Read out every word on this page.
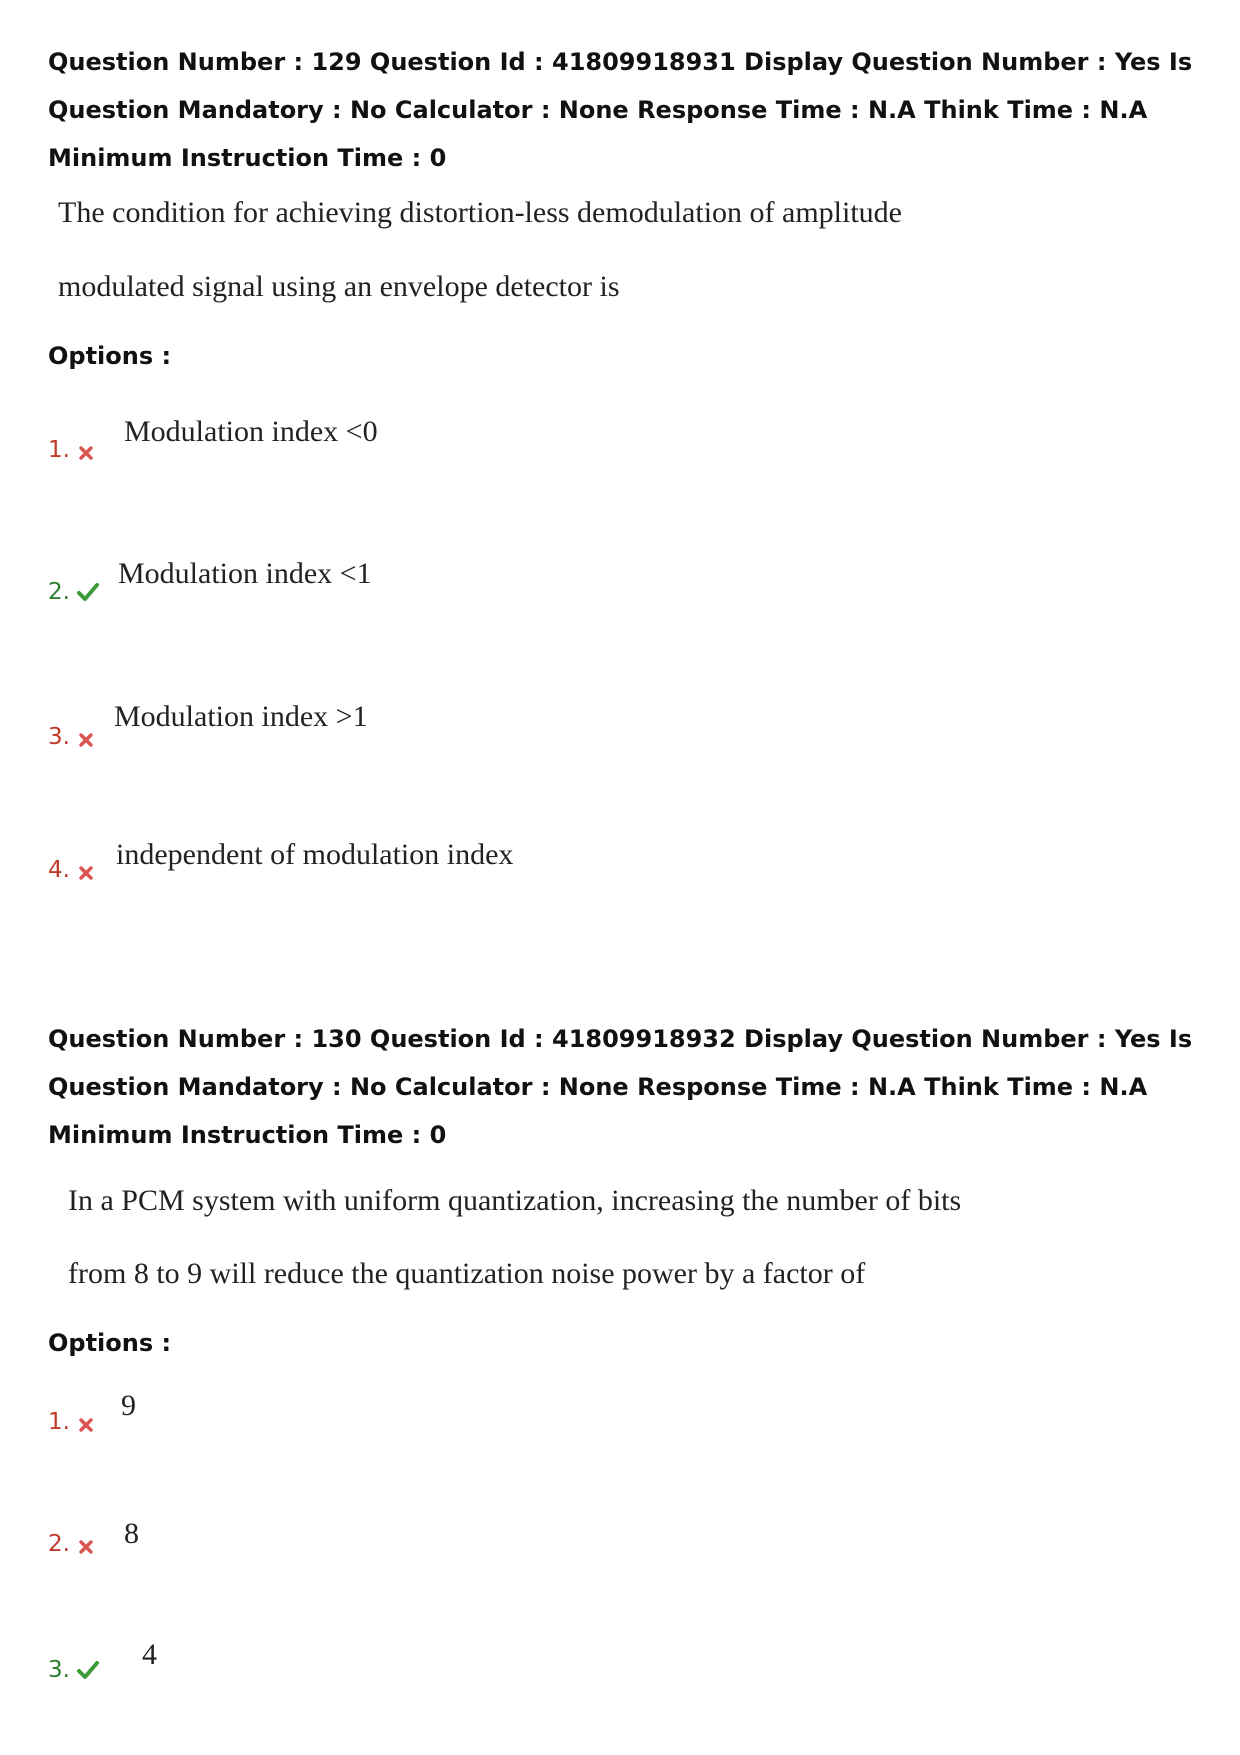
Question Number : 129 Question Id : 41809918931 Display Question Number : Yes Is Question Mandatory : No Calculator : None Response Time : N.A Think Time : N.A Minimum Instruction Time : 0
The condition for achieving distortion-less demodulation of amplitude
modulated signal using an envelope detector is
Options :
1.
Modulation index <0
2.
Modulation index <1
3.
Modulation index >1
4. independent of modulation index
Question Number : 130 Question Id : 41809918932 Display Question Number : Yes Is Question Mandatory : No Calculator : None Response Time : N.A Think Time : N.A Minimum Instruction Time : 0
In a PCM system with uniform quantization, increasing the number of bits
from 8 to 9 will reduce the quantization noise power by a factor of
Options :
1. 9
2. 8
3. 4
